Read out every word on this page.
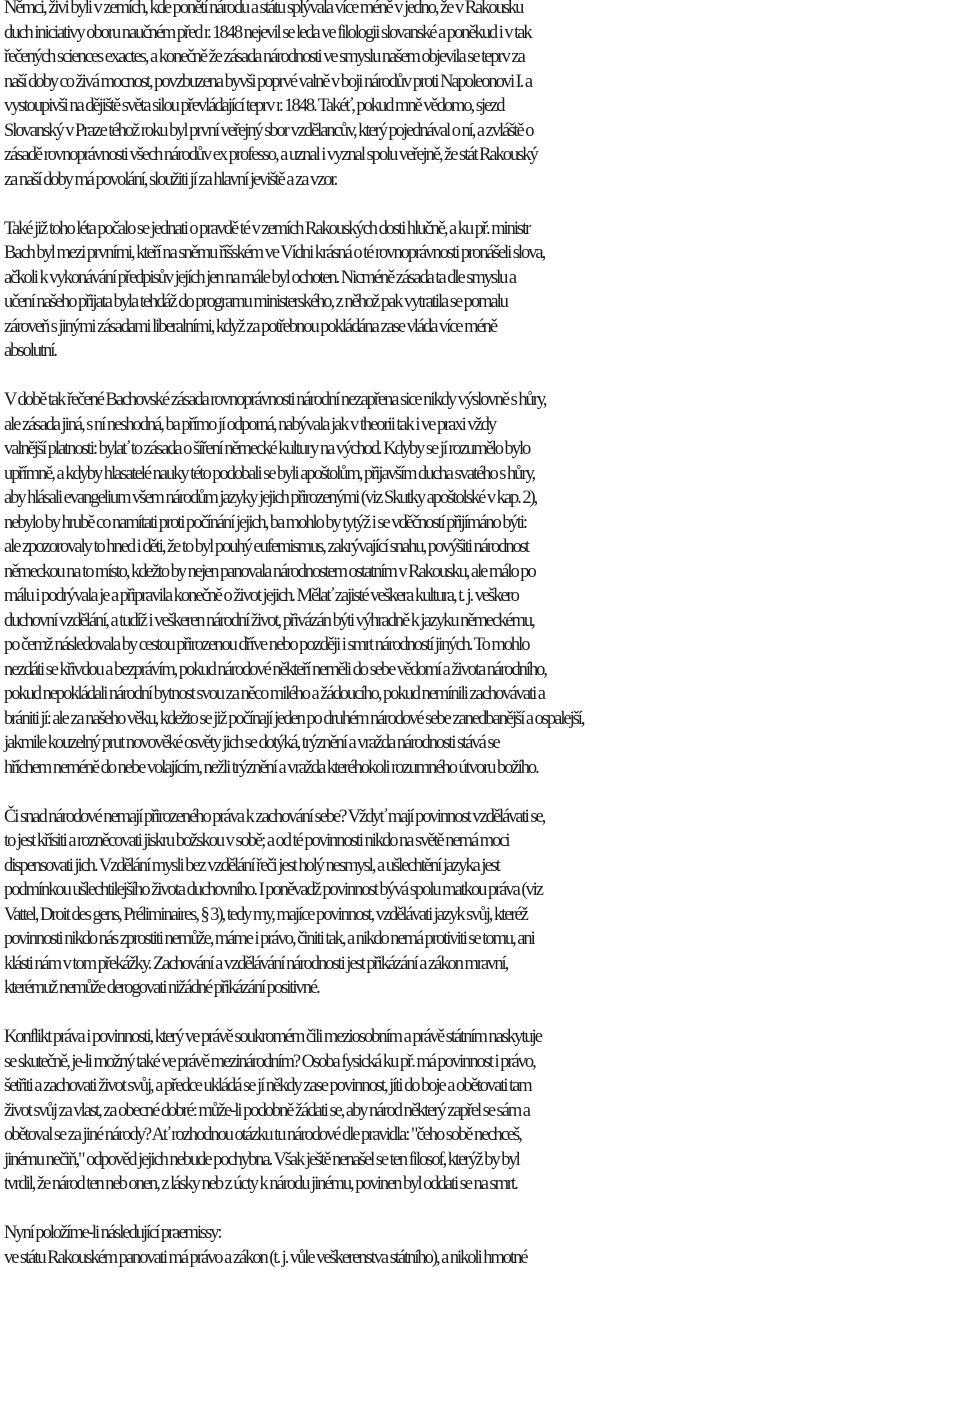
Němci, živi byli v zemích, kde ponětí národu a státu splývala více méně v jedno, že v Rakousku
duch iniciativy oboru naučném před r. 1848 nejevil se leda ve filologii slovanské a poněkud i v tak
řečených sciences exactes, a konečně že zásada národnosti ve smyslu našem objevila se teprv za
naší doby co živá mocnost, povzbuzena byvši poprvé valně v boji národův proti Napoleonovi I. a
vystoupivši na dějiště světa silou převládající teprv r. 1848. Takéť, pokud mně vědomo, sjezd
Slovanský v Praze téhož roku byl první veřejný sbor vzdělancův, který pojednával o ní, a zvláště o
zásadě rovnoprávnosti všech národův ex professo, a uznal i vyznal spolu veřejně, že stát Rakouský
za naší doby má povolání, sloužiti jí za hlavní jeviště a za vzor.

Také již toho léta počalo se jednati o pravdě té v zemích Rakouských dosti hlučně, a ku př. ministr
Bach byl mezi prvními, kteří na sněmu říšském ve Vídni krásná o té rovnoprávnosti pronášeli slova,
ačkoli k vykonávání předpisův jejích jen na mále byl ochoten. Nicméně zásada ta dle smyslu a
učení našeho přijata byla tehdáž do programu ministerského, z něhož pak vytratila se pomalu
zároveň s jinými zásadami liberalními, když za potřebnou pokládána zase vláda více méně
absolutní.

V době tak řečené Bachovské zásada rovnoprávnosti národní nezapřena sice nikdy výslovně s hůry,
ale zásada jiná, s ní neshodná, ba přímo jí odporná, nabývala jak v theorii tak i ve praxi vždy
valnější platnosti: bylať to zásada o šíření německé kultury na východ. Kdyby se jí rozumělo bylo
upřímně, a kdyby hlasatelé nauky této podobali se byli apoštolům, přijavším ducha svatého s hůry,
aby hlásali evangelium všem národům jazyky jejich přirozenými (viz Skutky apoštolské v kap. 2),
nebylo by hrubě co namítati proti počínání jejich, ba mohlo by tytýž i se vděčností přijímáno býti:
ale zpozorovaly to hned i děti, že to byl pouhý eufemismus, zakrývající snahu, povýšiti národnost
německou na to místo, kdežto by nejen panovala národnostem ostatním v Rakousku, ale málo po
málu i podrývala je a připravila konečně o život jejich. Mělať zajisté veškera kultura, t. j. veškero
duchovní vzdělání, a tudíž i veškeren národní život, přivázán býti výhradně k jazyku německému,
po čemž následovala by cestou přirozenou dříve nebo později i smrt národností jiných. To mohlo
nezdáti se křivdou a bezprávím, pokud národové někteří neměli do sebe vědomí a života národního,
pokud nepokládali národní bytnost svou za něco milého a žádoucího, pokud nemínili zachovávati a
brániti jí: ale za našeho věku, kdežto se již počínají jeden po druhém národové sebe zanedbanější a ospalejší,
jakmile kouzelný prut novověké osvěty jich se dotýká, trýznění a vražda národnosti stává se
hříchem neméně do nebe volajícím, nežli trýznění a vražda kteréhokoli rozumného útvoru božího.

Či snad národové nemají přirozeného práva k zachování sebe? Vždyť mají povinnost vzdělávati se,
to jest křísiti a rozněcovati jiskru božskou v sobě; a od té povinnosti nikdo na světě nemá moci
dispensovati jich. Vzdělání mysli bez vzdělání řeči jest holý nesmysl, a ušlechtění jazyka jest
podmínkou ušlechtilejšího života duchovního. I poněvadž povinnost bývá spolu matkou práva (viz
Vattel, Droit des gens, Préliminaires, § 3), tedy my, majíce povinnost, vzdělávati jazyk svůj, kteréž
povinnosti nikdo nás zprostiti nemůže, máme i právo, činiti tak, a nikdo nemá protiviti se tomu, ani
klásti nám v tom překážky. Zachování a vzdělávání národnosti jest přikázání a zákon mravní,
kterémuž nemůže derogovati nižádné přikázání positivné.

Konflikt práva i povinnosti, který ve právě soukromém čili meziosobním a právě státním naskytuje
se skutečně, je-li možný také ve právě mezinárodním? Osoba fysická ku př. má povinnost i právo,
šetřiti a zachovati život svůj, a předce ukládá se jí někdy zase povinnost, jíti do boje a obětovati tam
život svůj za vlast, za obecné dobré: může-li podobně žádati se, aby národ některý zapřel se sám a
obětoval se za jiné národy? Ať rozhodnou otázku tu národové dle pravidla: "čeho sobě nechceš,
jinému nečiň," odpověd jejich nebude pochybna. Však ještě nenašel se ten filosof, kterýž by byl
tvrdil, že národ ten neb onen, z lásky neb z úcty k národu jinému, povinen byl oddati se na smrt.

Nyní položíme-li následující praemissy:
ve státu Rakouském panovati má právo a zákon (t. j. vůle veškerenstva státního), a nikoli hmotné
